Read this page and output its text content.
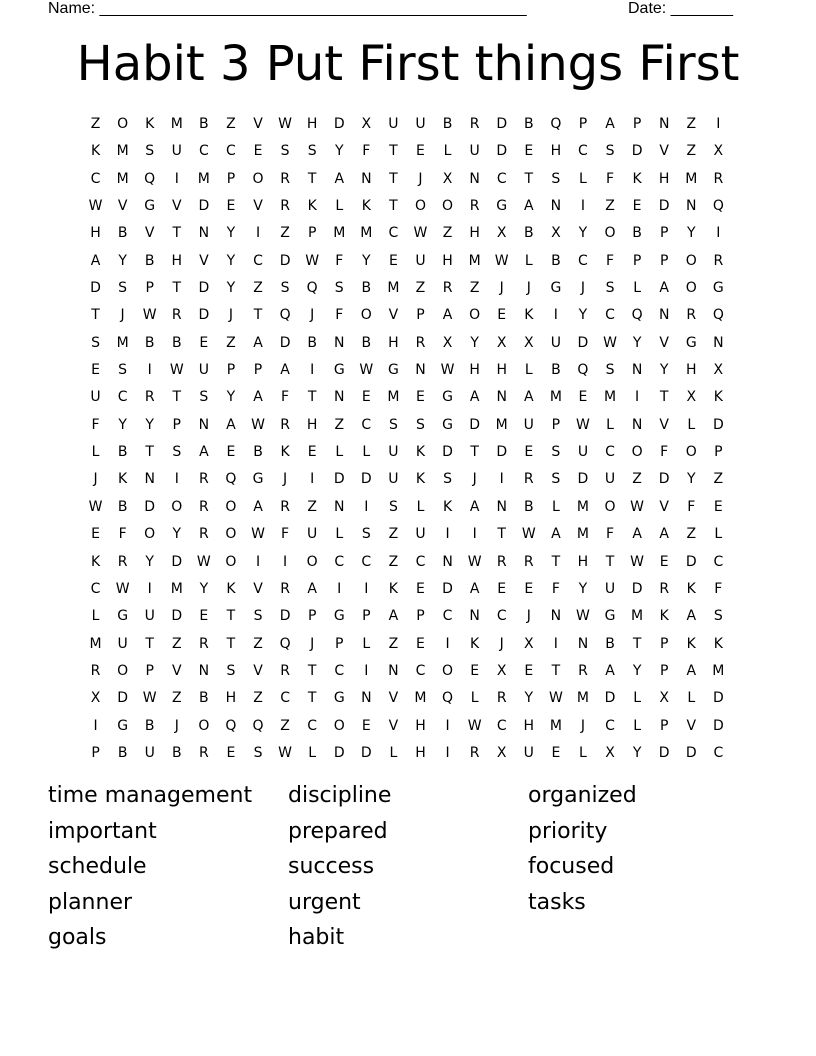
Name: ________________________________________________	Date: _______
Habit 3 Put First things First
Z	O	K	M	B	Z	V	W	H	D	X	U	U	B	R	D	B	Q	P	A	P	N	Z	I
K	M	S	U	C	C	E	S	S	Y	F	T	E	L	U	D	E	H	C	S	D	V	Z	X
C	M	Q	I	M	P	O	R	T	A	N	T	J	X	N	C	T	S	L	F	K	H	M	R
W	V	G	V	D	E	V	R	K	L	K	T	O	O	R	G	A	N	I	Z	E	D	N	Q
H	B	V	T	N	Y	I	Z	P	M	M	C	W	Z	H	X	B	X	Y	O	B	P	Y	I
A	Y	B	H	V	Y	C	D	W	F	Y	E	U	H	M	W	L	B	C	F	P	P	O	R
D	S	P	T	D	Y	Z	S	Q	S	B	M	Z	R	Z	J	J	G	J	S	L	A	O	G
T	J	W	R	D	J	T	Q	J	F	O	V	P	A	O	E	K	I	Y	C	Q	N	R	Q
S	M	B	B	E	Z	A	D	B	N	B	H	R	X	Y	X	X	U	D	W	Y	V	G	N
E	S	I	W	U	P	P	A	I	G	W	G	N	W	H	H	L	B	Q	S	N	Y	H	X
U	C	R	T	S	Y	A	F	T	N	E	M	E	G	A	N	A	M	E	M	I	T	X	K
F	Y	Y	P	N	A	W	R	H	Z	C	S	S	G	D	M	U	P	W	L	N	V	L	D
L	B	T	S	A	E	B	K	E	L	L	U	K	D	T	D	E	S	U	C	O	F	O	P
J	K	N	I	R	Q	G	J	I	D	D	U	K	S	J	I	R	S	D	U	Z	D	Y	Z
W	B	D	O	R	O	A	R	Z	N	I	S	L	K	A	N	B	L	M	O	W	V	F	E
E	F	O	Y	R	O	W	F	U	L	S	Z	U	I	I	T	W	A	M	F	A	A	Z	L
K	R	Y	D	W	O	I	I	O	C	C	Z	C	N	W	R	R	T	H	T	W	E	D	C
C	W	I	M	Y	K	V	R	A	I	I	K	E	D	A	E	E	F	Y	U	D	R	K	F
L	G	U	D	E	T	S	D	P	G	P	A	P	C	N	C	J	N	W	G	M	K	A	S
M	U	T	Z	R	T	Z	Q	J	P	L	Z	E	I	K	J	X	I	N	B	T	P	K	K
R	O	P	V	N	S	V	R	T	C	I	N	C	O	E	X	E	T	R	A	Y	P	A	M
X	D	W	Z	B	H	Z	C	T	G	N	V	M	Q	L	R	Y	W	M	D	L	X	L	D
I	G	B	J	O	Q	Q	Z	C	O	E	V	H	I	W	C	H	M	J	C	L	P	V	D
P	B	U	B	R	E	S	W	L	D	D	L	H	I	R	X	U	E	L	X	Y	D	D	C
time management
important
schedule
planner
goals
discipline
prepared
success
urgent
habit
organized
priority
focused
tasks
